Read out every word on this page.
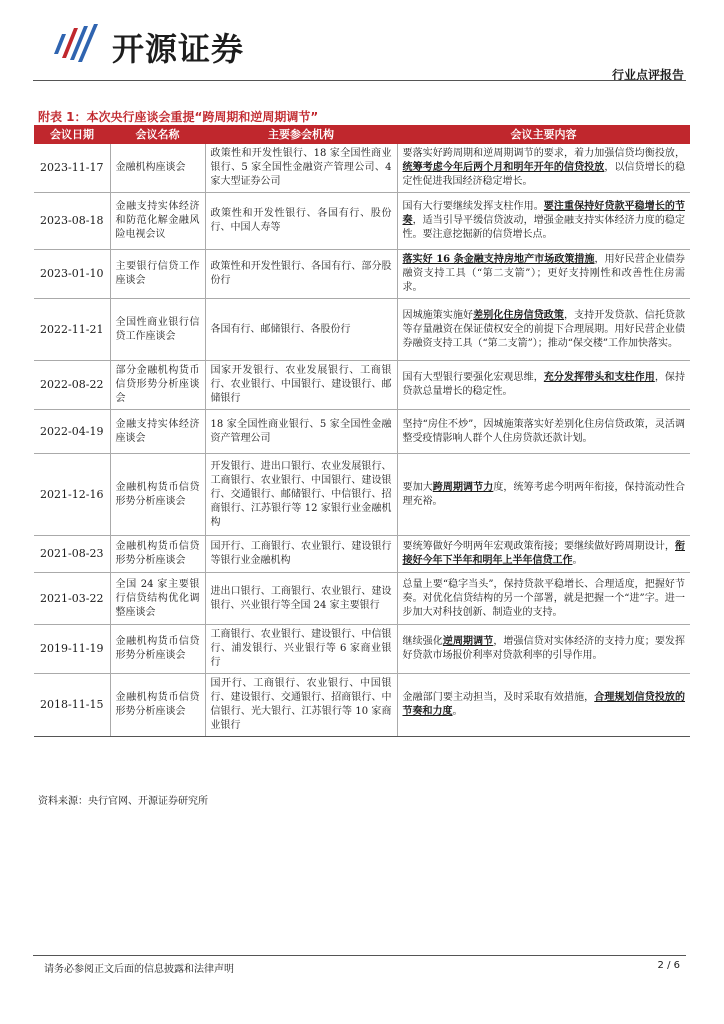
开源证券
行业点评报告
附表 1：本次央行座谈会重提“跨周期和逆周期调节”
会议日期	会议名称	主要参会机构	会议主要内容
2023-11-17	金融机构座谈会	政策性和开发性银行、18 家全国性商业银行、5 家全国性金融资产管理公司、4 家大型证券公司	要落实好跨周期和逆周期调节的要求，着力加强信贷均衡投放，统筹考虑今年后两个月和明年开年的信贷投放，以信贷增长的稳定性促进我国经济稳定增长。
2023-08-18	金融支持实体经济和防范化解金融风险电视会议	政策性和开发性银行、各国有行、股份行、中国人寿等	国有大行要继续发挥支柱作用。要注重保持好贷款平稳增长的节奏，适当引导平缓信贷波动，增强金融支持实体经济力度的稳定性。要注意挖掘新的信贷增长点。
2023-01-10	主要银行信贷工作座谈会	政策性和开发性银行、各国有行、部分股份行	落实好 16 条金融支持房地产市场政策措施，用好民营企业债券融资支持工具（“第二支箭”）；更好支持刚性和改善性住房需求。
2022-11-21	全国性商业银行信贷工作座谈会	各国有行、邮储银行、各股份行	因城施策实施好差别化住房信贷政策，支持开发贷款、信托贷款等存量融资在保证债权安全的前提下合理展期。用好民营企业债券融资支持工具（“第二支箭”）；推动“保交楼”工作加快落实。
2022-08-22	部分金融机构货币信贷形势分析座谈会	国家开发银行、农业发展银行、工商银行、农业银行、中国银行、建设银行、邮储银行	国有大型银行要强化宏观思维，充分发挥带头和支柱作用，保持贷款总量增长的稳定性。
2022-04-19	金融支持实体经济座谈会	18 家全国性商业银行、5 家全国性金融资产管理公司	坚持“房住不炒”，因城施策落实好差别化住房信贷政策，灵活调整受疫情影响人群个人住房贷款还款计划。
2021-12-16	金融机构货币信贷形势分析座谈会	开发银行、进出口银行、农业发展银行、工商银行、农业银行、中国银行、建设银行、交通银行、邮储银行、中信银行、招商银行、江苏银行等 12 家银行业金融机构	要加大跨周期调节力度，统筹考虑今明两年衔接，保持流动性合理充裕。
2021-08-23	金融机构货币信贷形势分析座谈会	国开行、工商银行、农业银行、建设银行等银行业金融机构	要统筹做好今明两年宏观政策衔接；要继续做好跨周期设计，衔接好今年下半年和明年上半年信贷工作。
2021-03-22	全国 24 家主要银行信贷结构优化调整座谈会	进出口银行、工商银行、农业银行、建设银行、兴业银行等全国 24 家主要银行	总量上要“稳字当头”，保持贷款平稳增长、合理适度，把握好节奏。对优化信贷结构的另一个部署，就是把握一个“进”字。进一步加大对科技创新、制造业的支持。
2019-11-19	金融机构货币信贷形势分析座谈会	工商银行、农业银行、建设银行、中信银行、浦发银行、兴业银行等 6 家商业银行	继续强化逆周期调节，增强信贷对实体经济的支持力度；要发挥好贷款市场报价利率对贷款利率的引导作用。
2018-11-15	金融机构货币信贷形势分析座谈会	国开行、工商银行、农业银行、中国银行、建设银行、交通银行、招商银行、中信银行、光大银行、江苏银行等 10 家商业银行	金融部门要主动担当，及时采取有效措施，合理规划信贷投放的节奏和力度。
资料来源：央行官网、开源证券研究所
请务必参阅正文后面的信息披露和法律声明	2 / 6
